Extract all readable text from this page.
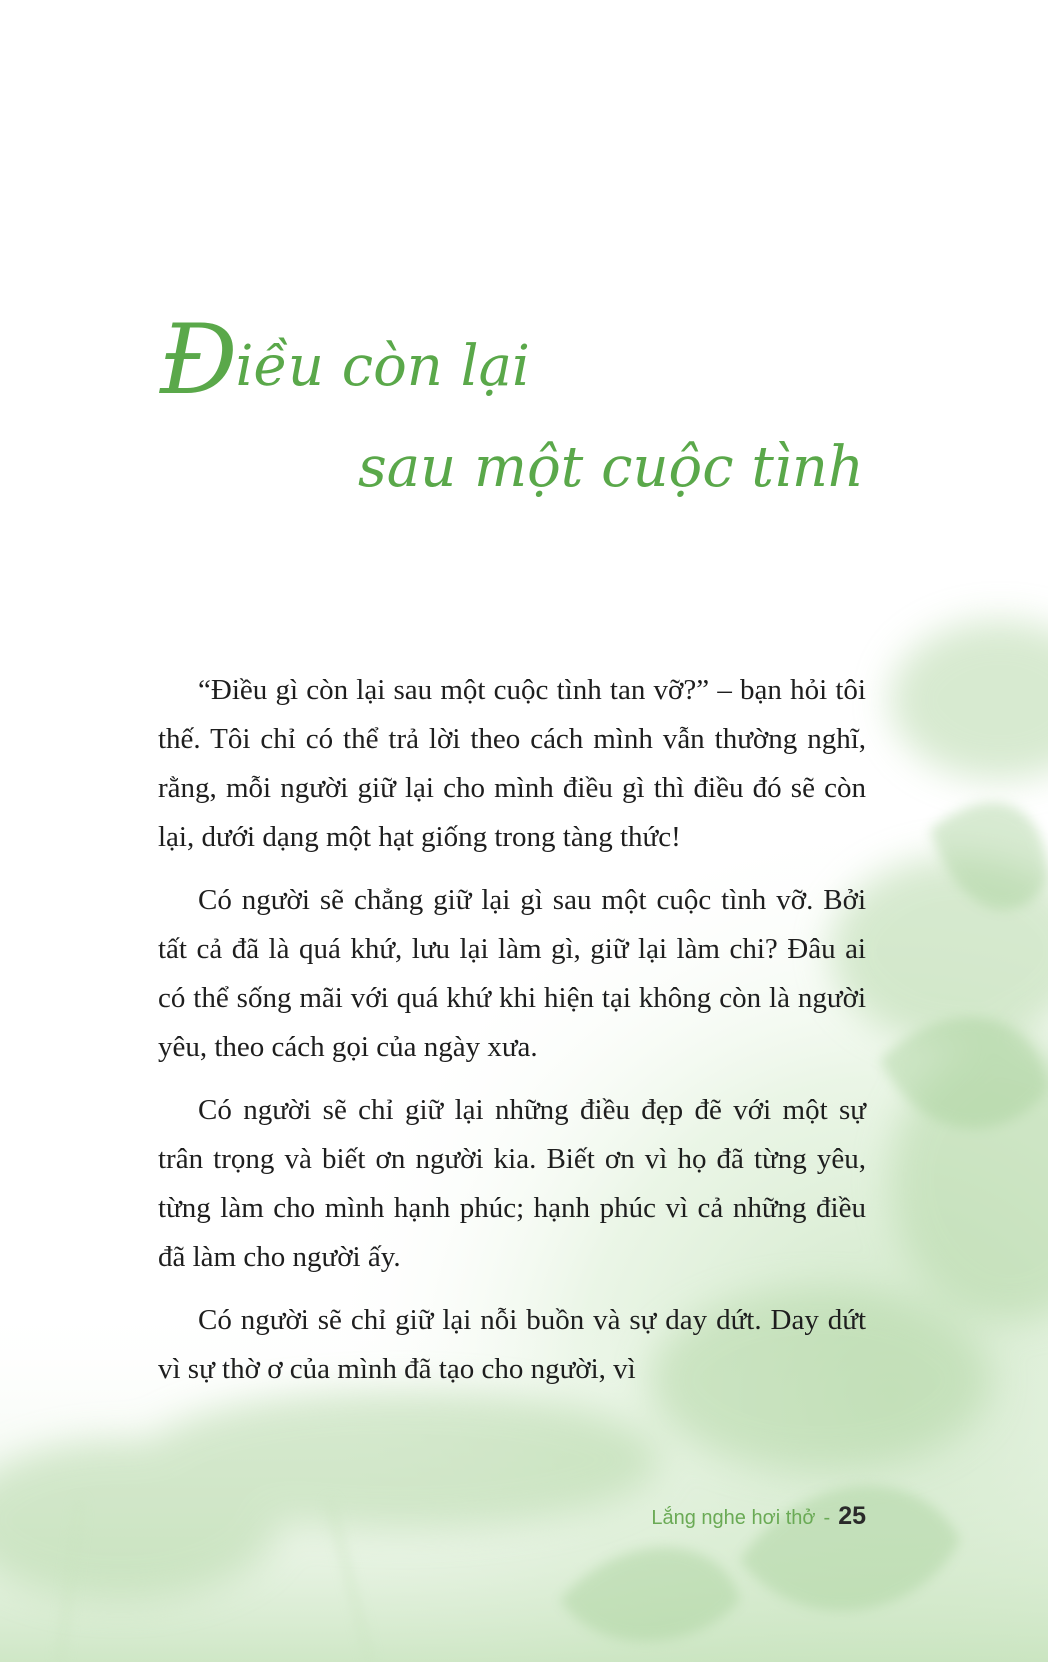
Điều còn lại
sau một cuộc tình

“Điều gì còn lại sau một cuộc tình tan vỡ?” – bạn hỏi tôi thế. Tôi chỉ có thể trả lời theo cách mình vẫn thường nghĩ, rằng, mỗi người giữ lại cho mình điều gì thì điều đó sẽ còn lại, dưới dạng một hạt giống trong tàng thức!

Có người sẽ chẳng giữ lại gì sau một cuộc tình vỡ. Bởi tất cả đã là quá khứ, lưu lại làm gì, giữ lại làm chi? Đâu ai có thể sống mãi với quá khứ khi hiện tại không còn là người yêu, theo cách gọi của ngày xưa.

Có người sẽ chỉ giữ lại những điều đẹp đẽ với một sự trân trọng và biết ơn người kia. Biết ơn vì họ đã từng yêu, từng làm cho mình hạnh phúc; hạnh phúc vì cả những điều đã làm cho người ấy.

Có người sẽ chỉ giữ lại nỗi buồn và sự day dứt. Day dứt vì sự thờ ơ của mình đã tạo cho người, vì

Lắng nghe hơi thở - 25
